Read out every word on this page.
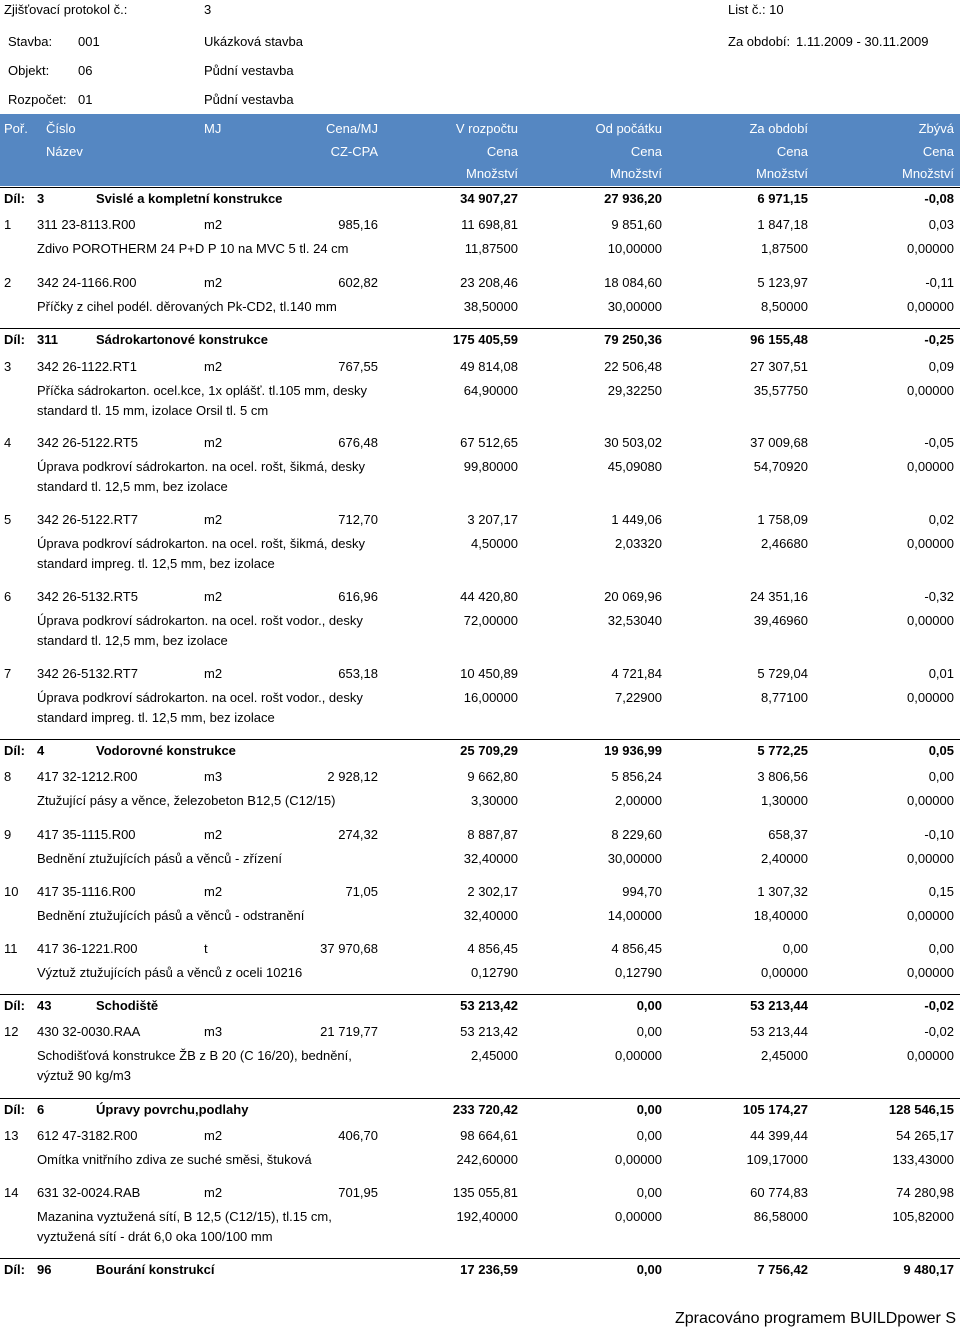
Zjišťovací protokol č.:	3	List č.: 10
Stavba: 001	Ukázková stavba	Za období: 1.11.2009 - 30.11.2009
Objekt: 06	Půdní vestavba
Rozpočet: 01	Půdní vestavba
Poř. Číslo	MJ	Cena/MJ	V rozpočtu	Od počátku	Za období	Zbývá
Název	CZ-CPA	Cena	Cena	Cena	Cena
Množství	Množství	Množství	Množství
Díl: 3	Svislé a kompletní konstrukce	34 907,27	27 936,20	6 971,15	-0,08
1 311 23-8113.R00	m2	985,16	11 698,81	9 851,60	1 847,18	0,03
Zdivo POROTHERM 24 P+D P 10 na MVC 5 tl. 24 cm	11,87500	10,00000	1,87500	0,00000
2 342 24-1166.R00	m2	602,82	23 208,46	18 084,60	5 123,97	-0,11
Příčky z cihel podél. děrovaných Pk-CD2, tl.140 mm	38,50000	30,00000	8,50000	0,00000
Díl: 311	Sádrokartonové konstrukce	175 405,59	79 250,36	96 155,48	-0,25
3 342 26-1122.RT1	m2	767,55	49 814,08	22 506,48	27 307,51	0,09
Příčka sádrokarton. ocel.kce, 1x oplášť. tl.105 mm, desky
standard tl. 15 mm, izolace Orsil tl. 5 cm
64,90000	29,32250	35,57750	0,00000
4 342 26-5122.RT5	m2	676,48	67 512,65	30 503,02	37 009,68	-0,05
Úprava podkroví sádrokarton. na ocel. rošt, šikmá, desky
standard tl. 12,5 mm, bez izolace
99,80000	45,09080	54,70920	0,00000
5 342 26-5122.RT7	m2	712,70	3 207,17	1 449,06	1 758,09	0,02
Úprava podkroví sádrokarton. na ocel. rošt, šikmá, desky
standard impreg. tl. 12,5 mm, bez izolace
4,50000	2,03320	2,46680	0,00000
6 342 26-5132.RT5	m2	616,96	44 420,80	20 069,96	24 351,16	-0,32
Úprava podkroví sádrokarton. na ocel. rošt vodor., desky
standard tl. 12,5 mm, bez izolace
72,00000	32,53040	39,46960	0,00000
7 342 26-5132.RT7	m2	653,18	10 450,89	4 721,84	5 729,04	0,01
Úprava podkroví sádrokarton. na ocel. rošt vodor., desky
standard impreg. tl. 12,5 mm, bez izolace
16,00000	7,22900	8,77100	0,00000
Díl: 4	Vodorovné konstrukce	25 709,29	19 936,99	5 772,25	0,05
8 417 32-1212.R00	m3	2 928,12	9 662,80	5 856,24	3 806,56	0,00
Ztužující pásy a věnce, železobeton B12,5 (C12/15)	3,30000	2,00000	1,30000	0,00000
9 417 35-1115.R00	m2	274,32	8 887,87	8 229,60	658,37	-0,10
Bednění ztužujících pásů a věnců - zřízení	32,40000	30,00000	2,40000	0,00000
10 417 35-1116.R00	m2	71,05	2 302,17	994,70	1 307,32	0,15
Bednění ztužujících pásů a věnců - odstranění	32,40000	14,00000	18,40000	0,00000
11 417 36-1221.R00	t	37 970,68	4 856,45	4 856,45	0,00	0,00
Výztuž ztužujících pásů a věnců z oceli 10216	0,12790	0,12790	0,00000	0,00000
Díl: 43	Schodiště	53 213,42	0,00	53 213,44	-0,02
12 430 32-0030.RAA	m3	21 719,77	53 213,42	0,00	53 213,44	-0,02
Schodišťová konstrukce ŽB z B 20 (C 16/20), bednění,
výztuž 90 kg/m3
2,45000	0,00000	2,45000	0,00000
Díl: 6	Úpravy povrchu,podlahy	233 720,42	0,00	105 174,27	128 546,15
13 612 47-3182.R00	m2	406,70	98 664,61	0,00	44 399,44	54 265,17
Omítka vnitřního zdiva ze suché směsi, štuková	242,60000	0,00000	109,17000	133,43000
14 631 32-0024.RAB	m2	701,95	135 055,81	0,00	60 774,83	74 280,98
Mazanina vyztužená sítí, B 12,5 (C12/15), tl.15 cm,
vyztužená sítí - drát 6,0 oka 100/100 mm
192,40000	0,00000	86,58000	105,82000
Díl: 96	Bourání konstrukcí	17 236,59	0,00	7 756,42	9 480,17
Zpracováno programem BUILDpower S
